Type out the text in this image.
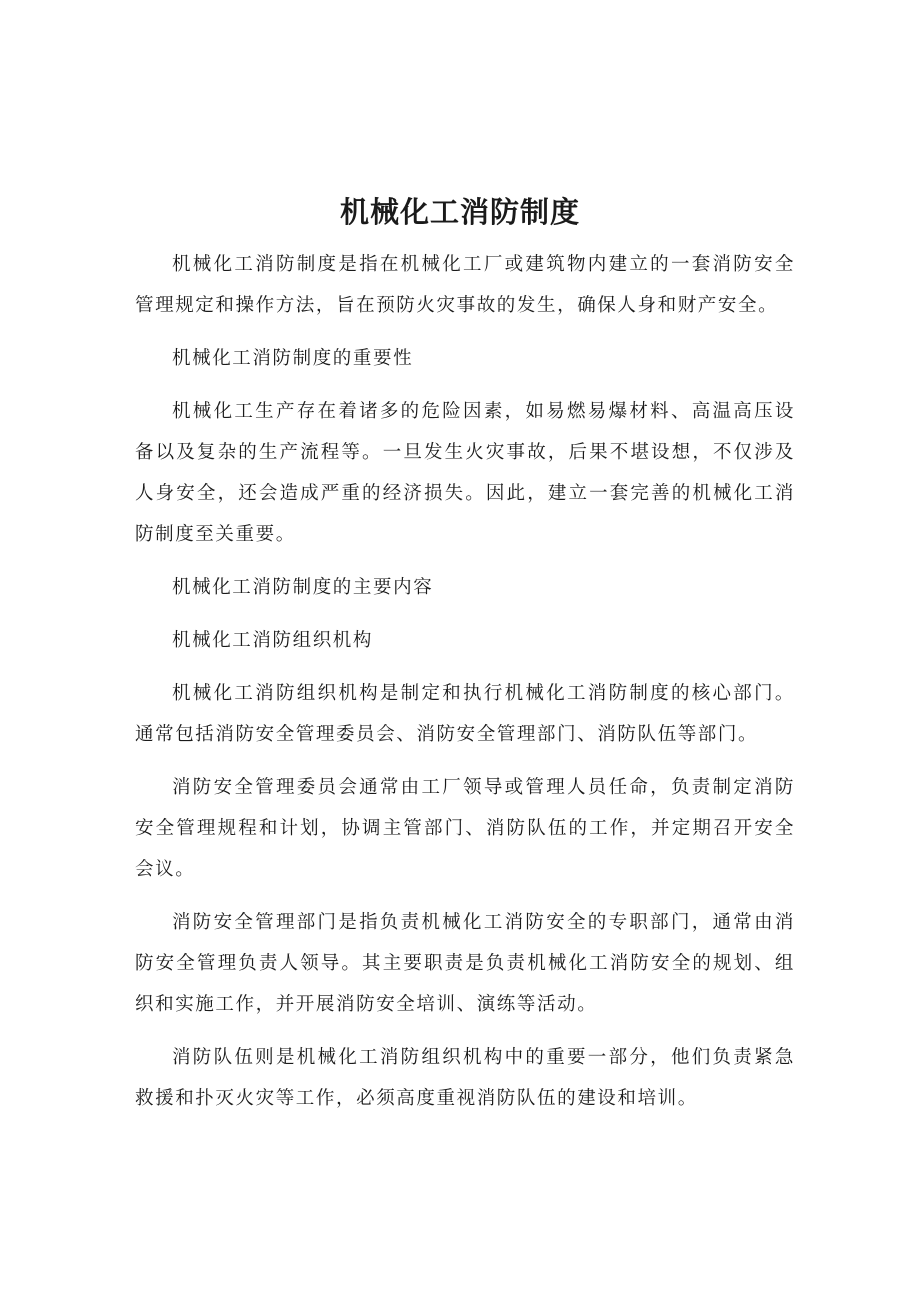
机械化工消防制度

机械化工消防制度是指在机械化工厂或建筑物内建立的一套消防安全管理规定和操作方法，旨在预防火灾事故的发生，确保人身和财产安全。

机械化工消防制度的重要性

机械化工生产存在着诸多的危险因素，如易燃易爆材料、高温高压设备以及复杂的生产流程等。一旦发生火灾事故，后果不堪设想，不仅涉及人身安全，还会造成严重的经济损失。因此，建立一套完善的机械化工消防制度至关重要。

机械化工消防制度的主要内容

机械化工消防组织机构

机械化工消防组织机构是制定和执行机械化工消防制度的核心部门。通常包括消防安全管理委员会、消防安全管理部门、消防队伍等部门。

消防安全管理委员会通常由工厂领导或管理人员任命，负责制定消防安全管理规程和计划，协调主管部门、消防队伍的工作，并定期召开安全会议。

消防安全管理部门是指负责机械化工消防安全的专职部门，通常由消防安全管理负责人领导。其主要职责是负责机械化工消防安全的规划、组织和实施工作，并开展消防安全培训、演练等活动。

消防队伍则是机械化工消防组织机构中的重要一部分，他们负责紧急救援和扑灭火灾等工作，必须高度重视消防队伍的建设和培训。
